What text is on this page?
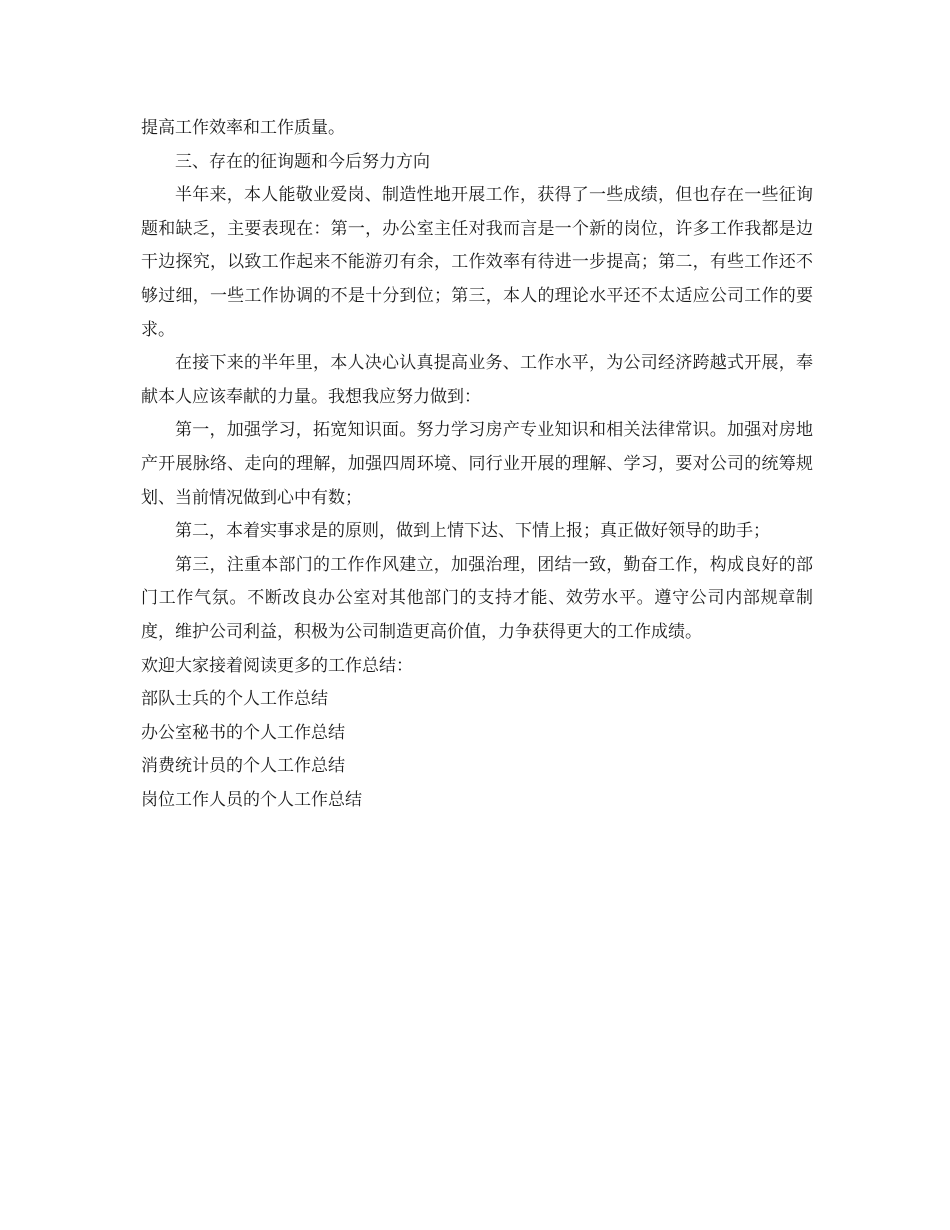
提高工作效率和工作质量。

三、存在的征询题和今后努力方向

半年来，本人能敬业爱岗、制造性地开展工作，获得了一些成绩，但也存在一些征询题和缺乏，主要表现在：第一，办公室主任对我而言是一个新的岗位，许多工作我都是边干边探究，以致工作起来不能游刃有余，工作效率有待进一步提高；第二，有些工作还不够过细，一些工作协调的不是十分到位；第三，本人的理论水平还不太适应公司工作的要求。

在接下来的半年里，本人决心认真提高业务、工作水平，为公司经济跨越式开展，奉献本人应该奉献的力量。我想我应努力做到：

第一，加强学习，拓宽知识面。努力学习房产专业知识和相关法律常识。加强对房地产开展脉络、走向的理解，加强四周环境、同行业开展的理解、学习，要对公司的统筹规划、当前情况做到心中有数；

第二，本着实事求是的原则，做到上情下达、下情上报；真正做好领导的助手；

第三，注重本部门的工作作风建立，加强治理，团结一致，勤奋工作，构成良好的部门工作气氛。不断改良办公室对其他部门的支持才能、效劳水平。遵守公司内部规章制度，维护公司利益，积极为公司制造更高价值，力争获得更大的工作成绩。

欢迎大家接着阅读更多的工作总结：

部队士兵的个人工作总结

办公室秘书的个人工作总结

消费统计员的个人工作总结

岗位工作人员的个人工作总结
